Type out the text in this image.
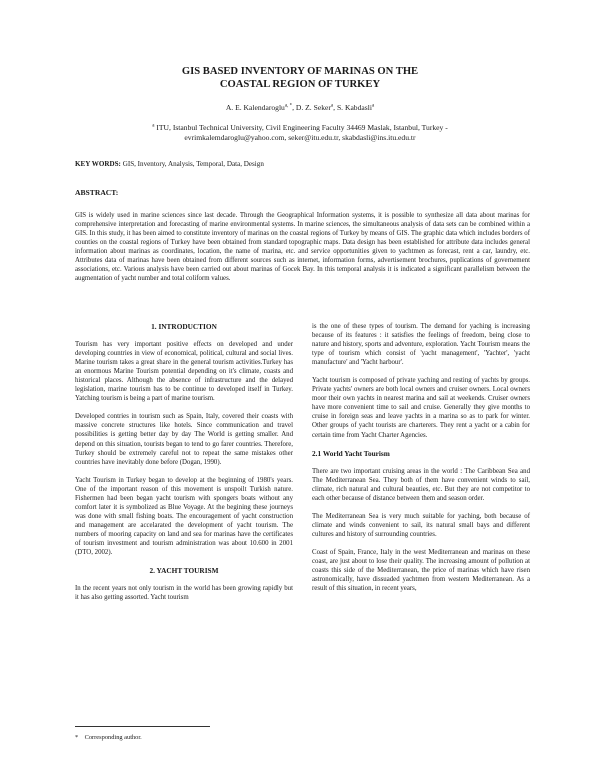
GIS BASED INVENTORY OF MARINAS ON THE
COASTAL REGION OF TURKEY
A. E. Kalendaroglu$^{a, *}$, D. Z. Seker$^a$, S. Kabdasli$^a$
$^a$ ITU, Istanbul Technical University, Civil Engineering Faculty 34469 Maslak, Istanbul, Turkey -
evrimkalemdaroglu@yahoo.com, seker@itu.edu.tr, skabdasli@ins.itu.edu.tr
KEY WORDS: GIS, Inventory, Analysis, Temporal, Data, Design
ABSTRACT:

GIS is widely used in marine sciences since last decade. Through the Geographical Information systems, it is possible to synthesize all data about marinas for comprehensive interpretation and forecasting of marine environmental systems. In marine sciences, the simultaneous analysis of data sets can be combined within a GIS. In this study, it has been aimed to constitute inventory of marinas on the coastal regions of Turkey by means of GIS. The graphic data which includes borders of counties on the coastal regions of Turkey have been obtained from standard topographic maps. Data design has been established for attribute data includes general information about marinas as coordinates, location, the name of marina, etc. and service opportunities given to yachtmen as forecast, rent a car, laundry, etc. Attributes data of marinas have been obtained from different sources such as internet, information forms, advertisement brochures, puplications of governement associations, etc. Various analysis have been carried out about marinas of Gocek Bay. In this temporal analysis it is indicated a significant parallelism between the augmentation of yacht number and total coliform values.

1. INTRODUCTION

Tourism has very important positive effects on developed and under developing countries in view of economical, political, cultural and social lives. Marine tourism takes a great share in the general tourism activities.Turkey has an enormous Marine Tourism potential depending on it's climate, coasts and historical places. Although the absence of infrastructure and the delayed legislation, marine tourism has to be continue to developed itself in Turkey. Yatching tourism is being a part of marine tourism.

Developed contries in tourism such as Spain, Italy, covered their coasts with massive concrete structures like hotels. Since communication and travel possibilities is getting better day by day The World is getting smaller. And depend on this situation, tourists began to tend to go farer countries. Therefore, Turkey should be extremely careful not to repeat the same mistakes other countries have inevitably done before (Dogan, 1990).

Yacht Tourism in Turkey began to develop at the beginning of 1980's years. One of the important reason of this movement is unspoilt Turkish nature. Fishermen had been began yacht tourism with spongers boats without any comfort later it is symbolized as Blue Voyage. At the begining these journeys was done with small fishing boats. The encouragement of yacht construction and management are accelarated the development of yacht tourism. The numbers of mooring capacity on land and sea for marinas have the certificates of tourism investment and tourism administration was about 10.600 in 2001 (DTO, 2002).

2. YACHT TOURISM

In the recent years not only tourism in the world has been growing rapidly but it has also getting assorted. Yacht tourism

is the one of these types of tourism. The demand for yaching is increasing because of its features : it satisfies the feelings of freedom, being close to nature and history, sports and adventure, exploration. Yacht Tourism means the type of tourism which consist of 'yacht management', 'Yachter', 'yacht manufacture' and 'Yacht harbour'.

Yacht tourism is composed of private yaching and resting of yachts by groups. Private yachts' owners are both local owners and cruiser owners. Local owners moor their own yachts in nearest marina and sail at weekends. Cruiser owners have more convenient time to sail and cruise. Generally they give months to cruise in foreign seas and leave yachts in a marina so as to park for winter. Other groups of yacht tourists are charterers. They rent a yacht or a cabin for certain time from Yacht Charter Agencies.

2.1 World Yacht Tourism

There are two important cruising areas in the world : The Caribbean Sea and The Mediterranean Sea. They both of them have convenient winds to sail, climate, rich natural and cultural beauties, etc. But they are not competitor to each other because of distance between them and season order.

The Mediterranean Sea is very much suitable for yaching, both because of climate and winds convenient to sail, its natural small bays and different cultures and history of surrounding countries.

Coast of Spain, France, Italy in the west Mediterranean and marinas on these coast, are just about to lose their quality. The increasing amount of pollution at coasts this side of the Mediterranean, the price of marinas which have risen astronomically, have dissuaded yachtmen from western Mediterranean. As a result of this situation, in recent years,

* Corresponding author.
